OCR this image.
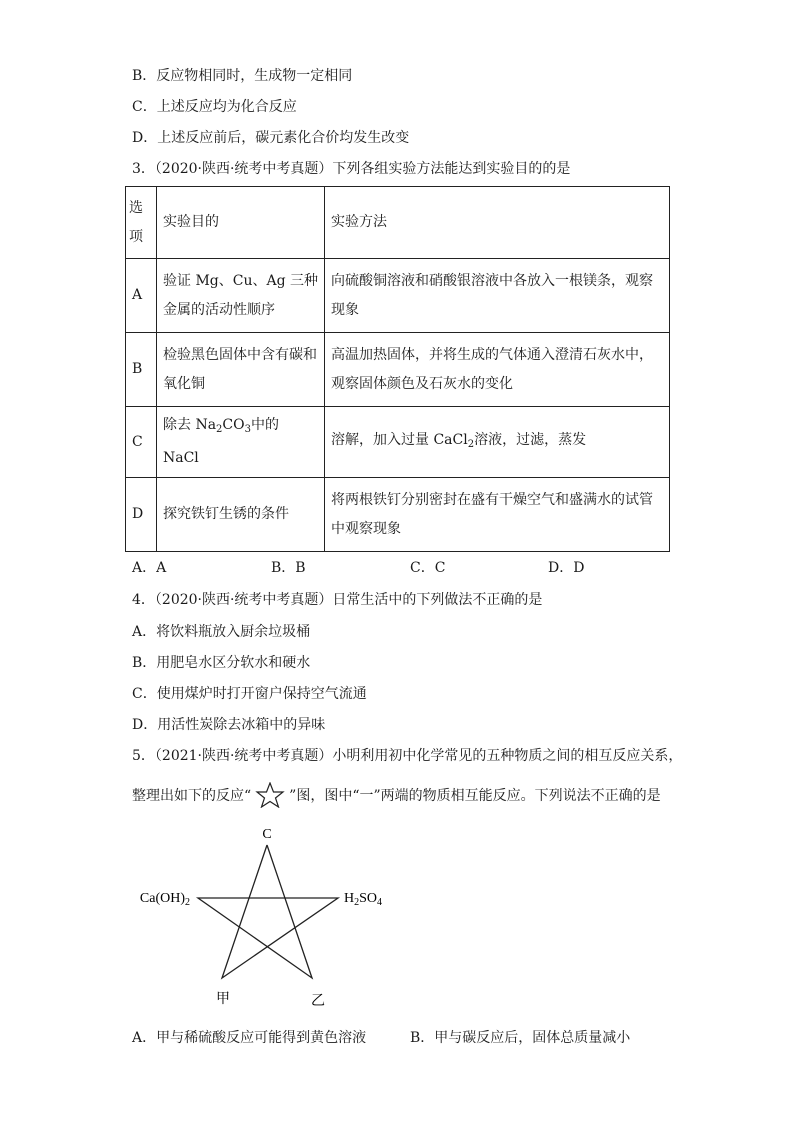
B．反应物相同时，生成物一定相同
C．上述反应均为化合反应
D．上述反应前后，碳元素化合价均发生改变
3．（2020·陕西·统考中考真题）下列各组实验方法能达到实验目的的是
选项	实验目的	实验方法
A	验证 Mg、Cu、Ag 三种金属的活动性顺序	向硫酸铜溶液和硝酸银溶液中各放入一根镁条，观察现象
B	检验黑色固体中含有碳和氧化铜	高温加热固体，并将生成的气体通入澄清石灰水中，观察固体颜色及石灰水的变化
C	除去 $Na_2CO_3$中的 NaCl	溶解，加入过量 CaCl$_2$溶液，过滤，蒸发
D	探究铁钉生锈的条件	将两根铁钉分别密封在盛有干燥空气和盛满水的试管中观察现象
A．A	B．B	C．C	D．D
4．（2020·陕西·统考中考真题）日常生活中的下列做法不正确的是
A．将饮料瓶放入厨余垃圾桶
B．用肥皂水区分软水和硬水
C．使用煤炉时打开窗户保持空气流通
D．用活性炭除去冰箱中的异味
5．（2021·陕西·统考中考真题）小明利用初中化学常见的五种物质之间的相互反应关系，
整理出如下的反应“	”图，图中“一”两端的物质相互能反应。下列说法不正确的是
C
$Ca(OH)_2$	$H_2SO_4$
甲	乙
A．甲与稀硫酸反应可能得到黄色溶液	B．甲与碳反应后，固体总质量减小
